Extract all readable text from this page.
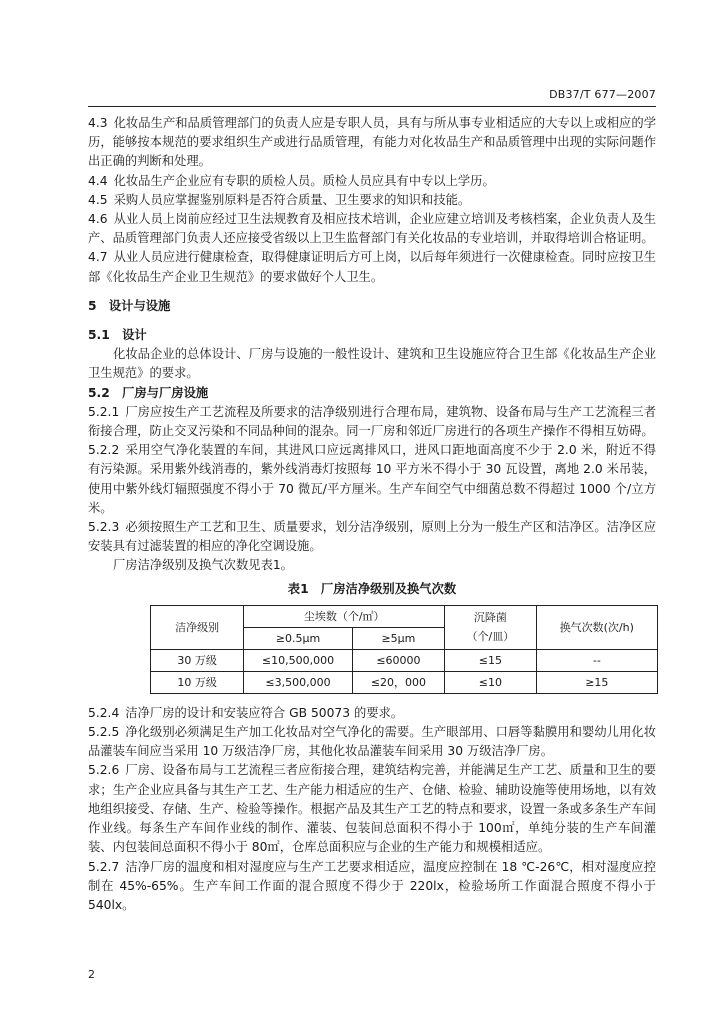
DB37/T 677—2007

4.3 化妆品生产和品质管理部门的负责人应是专职人员，具有与所从事专业相适应的大专以上或相应的学历，能够按本规范的要求组织生产或进行品质管理，有能力对化妆品生产和品质管理中出现的实际问题作出正确的判断和处理。

4.4 化妆品生产企业应有专职的质检人员。质检人员应具有中专以上学历。

4.5 采购人员应掌握鉴别原料是否符合质量、卫生要求的知识和技能。

4.6 从业人员上岗前应经过卫生法规教育及相应技术培训，企业应建立培训及考核档案，企业负责人及生产、品质管理部门负责人还应接受省级以上卫生监督部门有关化妆品的专业培训，并取得培训合格证明。

4.7 从业人员应进行健康检查，取得健康证明后方可上岗，以后每年须进行一次健康检查。同时应按卫生部《化妆品生产企业卫生规范》的要求做好个人卫生。

5　设计与设施

5.1　设计

化妆品企业的总体设计、厂房与设施的一般性设计、建筑和卫生设施应符合卫生部《化妆品生产企业卫生规范》的要求。

5.2　厂房与厂房设施

5.2.1 厂房应按生产工艺流程及所要求的洁净级别进行合理布局，建筑物、设备布局与生产工艺流程三者衔接合理，防止交叉污染和不同品种间的混杂。同一厂房和邻近厂房进行的各项生产操作不得相互妨碍。

5.2.2 采用空气净化装置的车间，其进风口应远离排风口，进风口距地面高度不少于 2.0 米，附近不得有污染源。采用紫外线消毒的，紫外线消毒灯按照每 10 平方米不得小于 30 瓦设置，离地 2.0 米吊装，使用中紫外线灯辐照强度不得小于 70 微瓦/平方厘米。生产车间空气中细菌总数不得超过 1000 个/立方米。

5.2.3 必须按照生产工艺和卫生、质量要求，划分洁净级别，原则上分为一般生产区和洁净区。洁净区应安装具有过滤装置的相应的净化空调设施。

厂房洁净级别及换气次数见表1。

表1　厂房洁净级别及换气次数
洁净级别	尘埃数（个/㎥）		沉降菌
（个/皿）	换气次数(次/h)
	≥0.5μm	≥5μm		
30 万级	≤10,500,000	≤60000	≤15	--
10 万级	≤3,500,000	≤20，000	≤10	≥15

5.2.4 洁净厂房的设计和安装应符合 GB 50073 的要求。

5.2.5 净化级别必须满足生产加工化妆品对空气净化的需要。生产眼部用、口唇等黏膜用和婴幼儿用化妆品灌装车间应当采用 10 万级洁净厂房，其他化妆品灌装车间采用 30 万级洁净厂房。

5.2.6 厂房、设备布局与工艺流程三者应衔接合理，建筑结构完善，并能满足生产工艺、质量和卫生的要求；生产企业应具备与其生产工艺、生产能力相适应的生产、仓储、检验、辅助设施等使用场地，以有效地组织接受、存储、生产、检验等操作。根据产品及其生产工艺的特点和要求，设置一条或多条生产车间作业线。每条生产车间作业线的制作、灌装、包装间总面积不得小于 100㎡，单纯分装的生产车间灌装、内包装间总面积不得小于 80㎡，仓库总面积应与企业的生产能力和规模相适应。

5.2.7 洁净厂房的温度和相对湿度应与生产工艺要求相适应，温度应控制在 18 ℃-26℃，相对湿度应控制在 45%-65%。生产车间工作面的混合照度不得少于 220lx，检验场所工作面混合照度不得小于 540lx。

2
